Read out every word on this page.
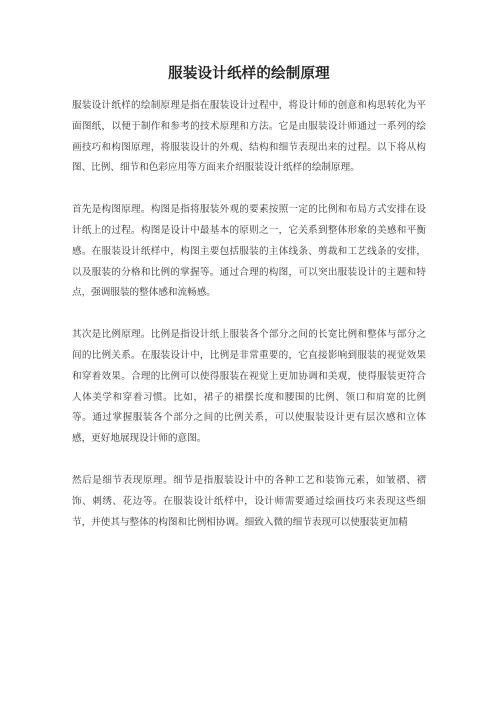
服装设计纸样的绘制原理

服装设计纸样的绘制原理是指在服装设计过程中，将设计师的创意和构思转化为平面图纸，以便于制作和参考的技术原理和方法。它是由服装设计师通过一系列的绘画技巧和构图原理，将服装设计的外观、结构和细节表现出来的过程。以下将从构图、比例、细节和色彩应用等方面来介绍服装设计纸样的绘制原理。

首先是构图原理。构图是指将服装外观的要素按照一定的比例和布局方式安排在设计纸上的过程。构图是设计中最基本的原则之一，它关系到整体形象的美感和平衡感。在服装设计纸样中，构图主要包括服装的主体线条、剪裁和工艺线条的安排，以及服装的分格和比例的掌握等。通过合理的构图，可以突出服装设计的主题和特点，强调服装的整体感和流畅感。

其次是比例原理。比例是指设计纸上服装各个部分之间的长宽比例和整体与部分之间的比例关系。在服装设计中，比例是非常重要的，它直接影响到服装的视觉效果和穿着效果。合理的比例可以使得服装在视觉上更加协调和美观，使得服装更符合人体美学和穿着习惯。比如，裙子的裙摆长度和腰围的比例、领口和肩宽的比例等。通过掌握服装各个部分之间的比例关系，可以使服装设计更有层次感和立体感，更好地展现设计师的意图。

然后是细节表现原理。细节是指服装设计中的各种工艺和装饰元素，如皱褶、褶饰、刺绣、花边等。在服装设计纸样中，设计师需要通过绘画技巧来表现这些细节，并使其与整体的构图和比例相协调。细致入微的细节表现可以使服装更加精
